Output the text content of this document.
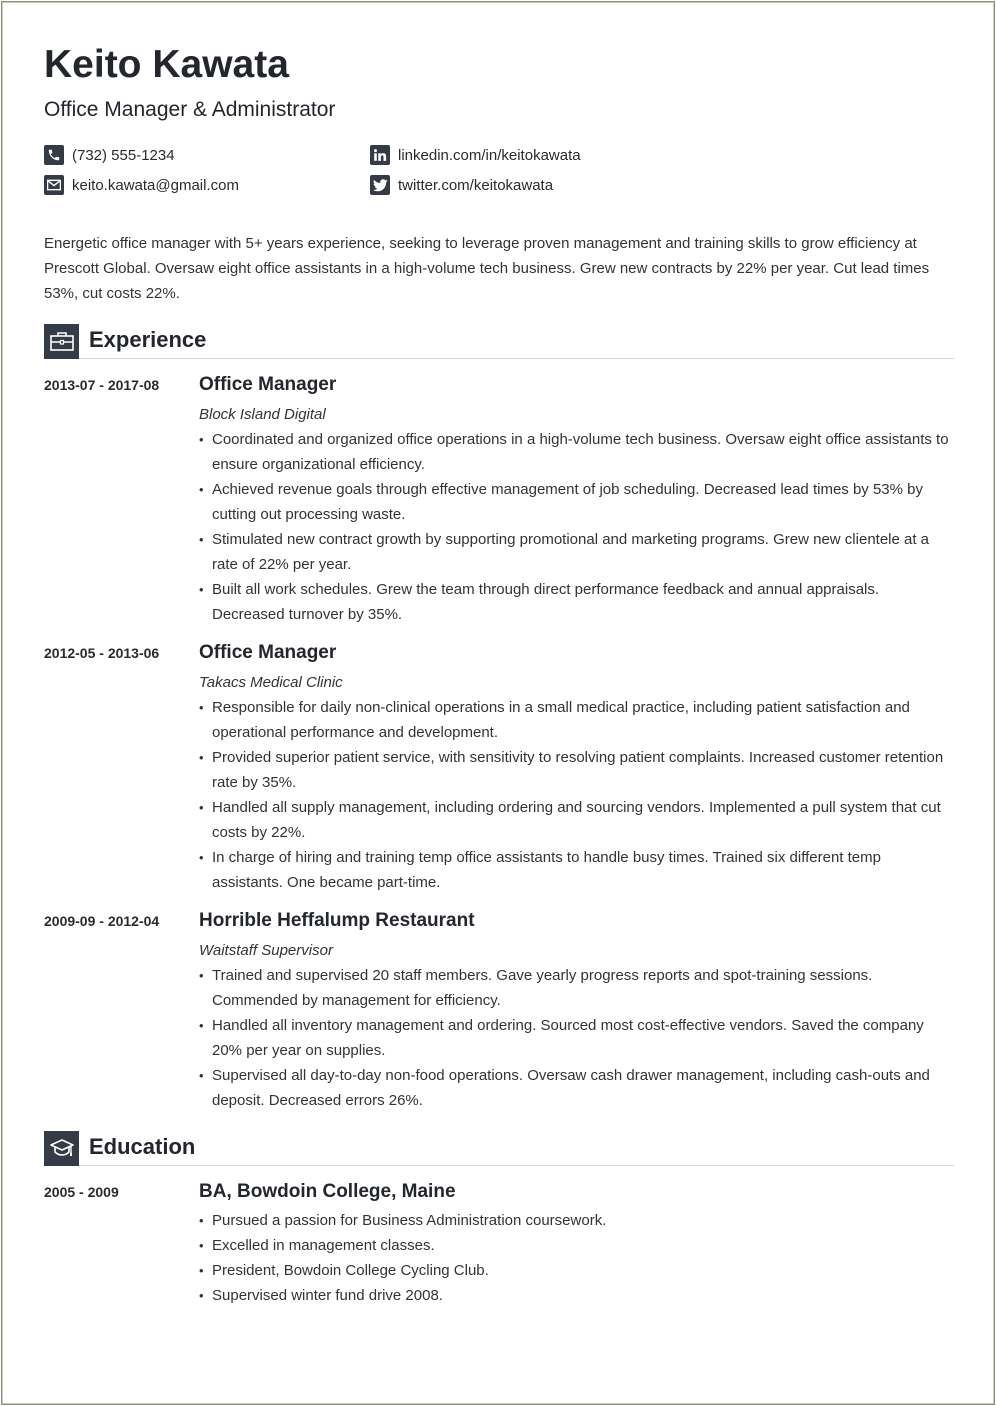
Keito Kawata
Office Manager & Administrator
(732) 555-1234	linkedin.com/in/keitokawata
keito.kawata@gmail.com	twitter.com/keitokawata
Energetic office manager with 5+ years experience, seeking to leverage proven management and training skills to grow efficiency at Prescott Global. Oversaw eight office assistants in a high-volume tech business. Grew new contracts by 22% per year. Cut lead times 53%, cut costs 22%.
Experience
2013-07 - 2017-08	Office Manager
Block Island Digital
• Coordinated and organized office operations in a high-volume tech business. Oversaw eight office assistants to ensure organizational efficiency.
• Achieved revenue goals through effective management of job scheduling. Decreased lead times by 53% by cutting out processing waste.
• Stimulated new contract growth by supporting promotional and marketing programs. Grew new clientele at a rate of 22% per year.
• Built all work schedules. Grew the team through direct performance feedback and annual appraisals. Decreased turnover by 35%.
2012-05 - 2013-06	Office Manager
Takacs Medical Clinic
• Responsible for daily non-clinical operations in a small medical practice, including patient satisfaction and operational performance and development.
• Provided superior patient service, with sensitivity to resolving patient complaints. Increased customer retention rate by 35%.
• Handled all supply management, including ordering and sourcing vendors. Implemented a pull system that cut costs by 22%.
• In charge of hiring and training temp office assistants to handle busy times. Trained six different temp assistants. One became part-time.
2009-09 - 2012-04	Horrible Heffalump Restaurant
Waitstaff Supervisor
• Trained and supervised 20 staff members. Gave yearly progress reports and spot-training sessions. Commended by management for efficiency.
• Handled all inventory management and ordering. Sourced most cost-effective vendors. Saved the company 20% per year on supplies.
• Supervised all day-to-day non-food operations. Oversaw cash drawer management, including cash-outs and deposit. Decreased errors 26%.
Education
2005 - 2009	BA, Bowdoin College, Maine
• Pursued a passion for Business Administration coursework.
• Excelled in management classes.
• President, Bowdoin College Cycling Club.
• Supervised winter fund drive 2008.
